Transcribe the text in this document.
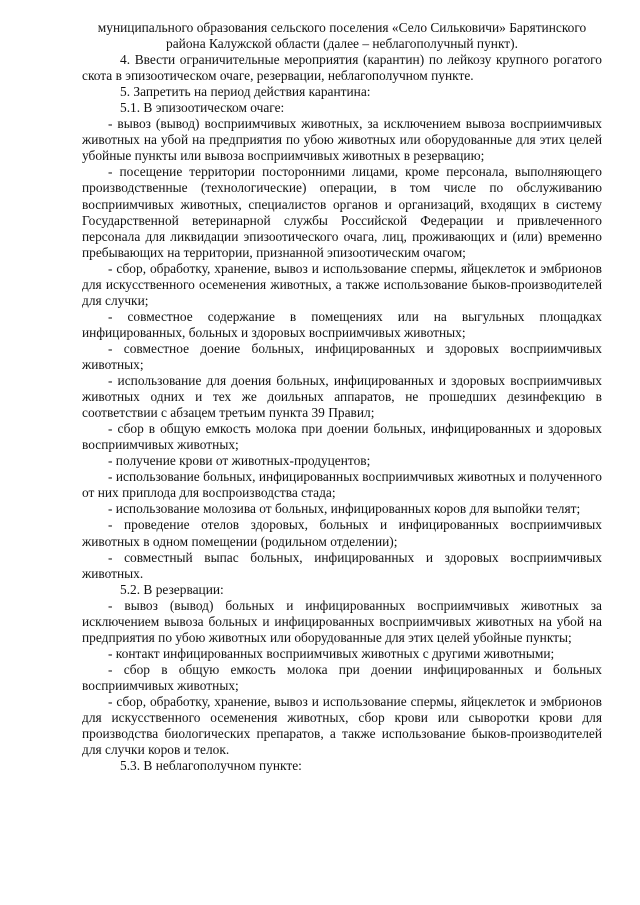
муниципального образования сельского поселения «Село Сильковичи» Барятинского

района Калужской области (далее – неблагополучный пункт).

4. Ввести ограничительные мероприятия (карантин) по лейкозу крупного рогатого скота в эпизоотическом очаге, резервации, неблагополучном пункте.

5. Запретить на период действия карантина:

5.1. В эпизоотическом очаге:

- вывоз (вывод) восприимчивых животных, за исключением вывоза восприимчивых животных на убой на предприятия по убою животных или оборудованные для этих целей убойные пункты или вывоза восприимчивых животных в резервацию;

- посещение территории посторонними лицами, кроме персонала, выполняющего производственные (технологические) операции, в том числе по обслуживанию восприимчивых животных, специалистов органов и организаций, входящих в систему Государственной ветеринарной службы Российской Федерации и привлеченного персонала для ликвидации эпизоотического очага, лиц, проживающих и (или) временно пребывающих на территории, признанной эпизоотическим очагом;

- сбор, обработку, хранение, вывоз и использование спермы, яйцеклеток и эмбрионов для искусственного осеменения животных, а также использование быков-производителей для случки;

- совместное содержание в помещениях или на выгульных площадках инфицированных, больных и здоровых восприимчивых животных;

- совместное доение больных, инфицированных и здоровых восприимчивых животных;

- использование для доения больных, инфицированных и здоровых восприимчивых животных одних и тех же доильных аппаратов, не прошедших дезинфекцию в соответствии с абзацем третьим пункта 39 Правил;

- сбор в общую емкость молока при доении больных, инфицированных и здоровых восприимчивых животных;

- получение крови от животных-продуцентов;

- использование больных, инфицированных восприимчивых животных и полученного от них приплода для воспроизводства стада;

- использование молозива от больных, инфицированных коров для выпойки телят;

- проведение отелов здоровых, больных и инфицированных восприимчивых животных в одном помещении (родильном отделении);

- совместный выпас больных, инфицированных и здоровых восприимчивых животных.

5.2. В резервации:

- вывоз (вывод) больных и инфицированных восприимчивых животных за исключением вывоза больных и инфицированных восприимчивых животных на убой на предприятия по убою животных или оборудованные для этих целей убойные пункты;

- контакт инфицированных восприимчивых животных с другими животными;

- сбор в общую емкость молока при доении инфицированных и больных восприимчивых животных;

- сбор, обработку, хранение, вывоз и использование спермы, яйцеклеток и эмбрионов для искусственного осеменения животных, сбор крови или сыворотки крови для производства биологических препаратов, а также использование быков-производителей для случки коров и телок.

5.3. В неблагополучном пункте:
